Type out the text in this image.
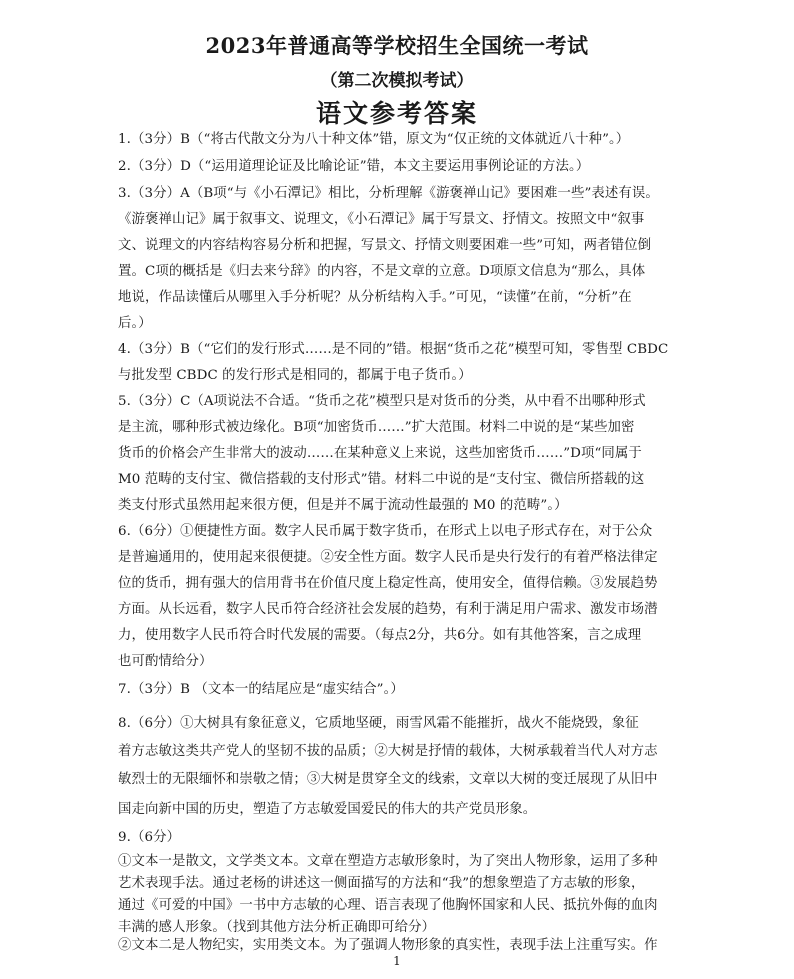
2023年普通高等学校招生全国统一考试
（第二次模拟考试）
语文参考答案
1.（3分）B（“将古代散文分为八十种文体”错，原文为“仅正统的文体就近八十种”。）
2.（3分）D（“运用道理论证及比喻论证”错，本文主要运用事例论证的方法。）
3.（3分）A（B项“与《小石潭记》相比，分析理解《游褒禅山记》要困难一些”表述有误。
《游褒禅山记》属于叙事文、说理文，《小石潭记》属于写景文、抒情文。按照文中“叙事
文、说理文的内容结构容易分析和把握，写景文、抒情文则要困难一些”可知，两者错位倒
置。C项的概括是《归去来兮辞》的内容，不是文章的立意。D项原文信息为“那么，具体
地说，作品读懂后从哪里入手分析呢？从分析结构入手。”可见，“读懂”在前，“分析”在
后。）
4.（3分）B（“它们的发行形式……是不同的”错。根据“货币之花”模型可知，零售型 CBDC
与批发型 CBDC 的发行形式是相同的，都属于电子货币。）
5.（3分）C（A项说法不合适。“货币之花”模型只是对货币的分类，从中看不出哪种形式
是主流，哪种形式被边缘化。B项“加密货币……”扩大范围。材料二中说的是“某些加密
货币的价格会产生非常大的波动……在某种意义上来说，这些加密货币……”D项“同属于
M0 范畴的支付宝、微信搭载的支付形式”错。材料二中说的是“支付宝、微信所搭载的这
类支付形式虽然用起来很方便，但是并不属于流动性最强的 M0 的范畴”。）
6.（6分）①便捷性方面。数字人民币属于数字货币，在形式上以电子形式存在，对于公众
是普遍通用的，使用起来很便捷。②安全性方面。数字人民币是央行发行的有着严格法律定
位的货币，拥有强大的信用背书在价值尺度上稳定性高，使用安全，值得信赖。③发展趋势
方面。从长远看，数字人民币符合经济社会发展的趋势，有利于满足用户需求、激发市场潜
力，使用数字人民币符合时代发展的需要。（每点2分，共6分。如有其他答案，言之成理
也可酌情给分）
7.（3分）B （文本一的结尾应是“虚实结合”。）
8.（6分）①大树具有象征意义，它质地坚硬，雨雪风霜不能摧折，战火不能烧毁，象征
着方志敏这类共产党人的坚韧不拔的品质；②大树是抒情的载体，大树承载着当代人对方志
敏烈士的无限缅怀和崇敬之情；③大树是贯穿全文的线索，文章以大树的变迁展现了从旧中
国走向新中国的历史，塑造了方志敏爱国爱民的伟大的共产党员形象。
9.（6分）
①文本一是散文，文学类文本。文章在塑造方志敏形象时，为了突出人物形象，运用了多种
艺术表现手法。通过老杨的讲述这一侧面描写的方法和“我”的想象塑造了方志敏的形象，
通过《可爱的中国》一书中方志敏的心理、语言表现了他胸怀国家和人民、抵抗外侮的血肉
丰满的感人形象。（找到其他方法分析正确即可给分）
②文本二是人物纪实，实用类文本。为了强调人物形象的真实性，表现手法上注重写实。作
1
